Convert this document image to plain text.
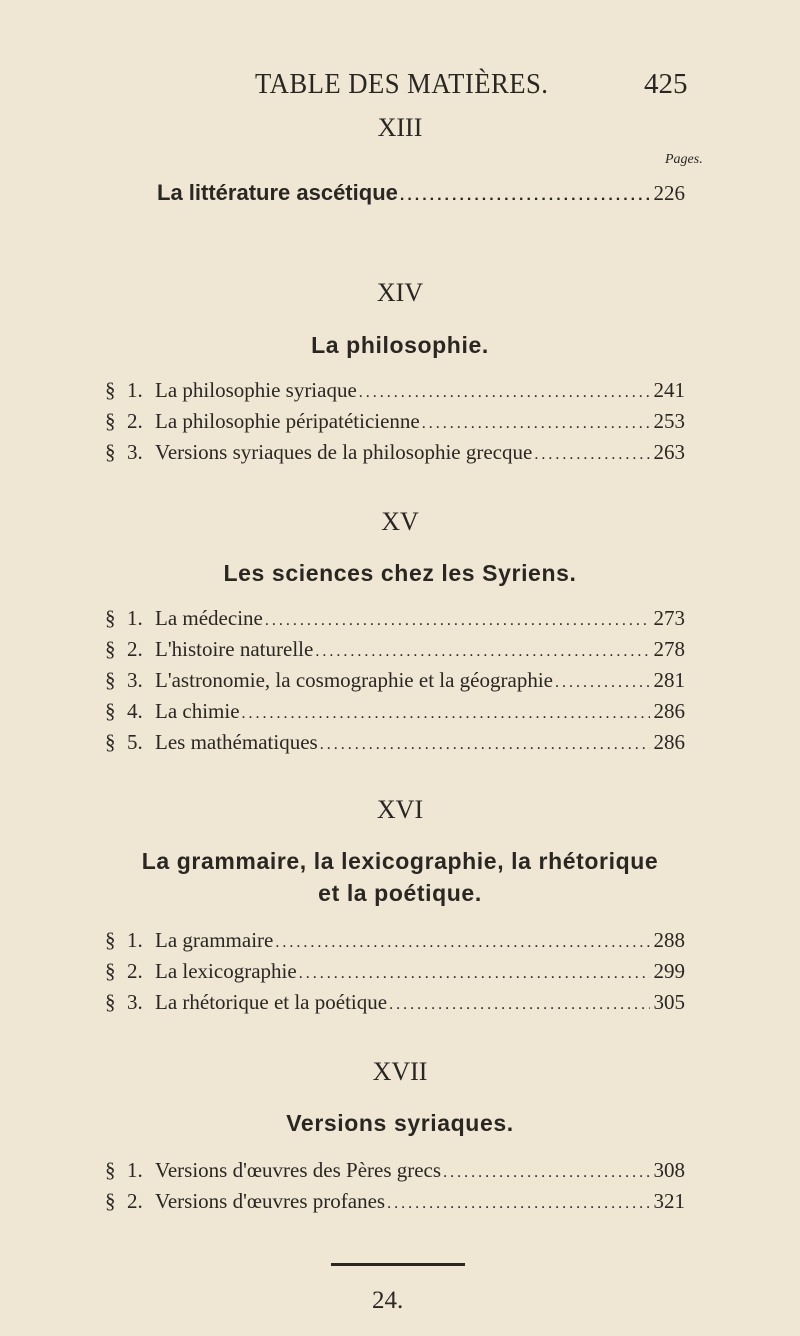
TABLE DES MATIÈRES.	425
XIII
Pages.
La littérature ascétique .....	226
XIV
La philosophie.
§ 1. La philosophie syriaque .....	241
§ 2. La philosophie péripatéticienne .....	253
§ 3. Versions syriaques de la philosophie grecque .....	263
XV
Les sciences chez les Syriens.
§ 1. La médecine .....	273
§ 2. L'histoire naturelle .....	278
§ 3. L'astronomie, la cosmographie et la géographie .....	281
§ 4. La chimie .....	286
§ 5. Les mathématiques .....	286
XVI
La grammaire, la lexicographie, la rhétorique
et la poétique.
§ 1. La grammaire .....	288
§ 2. La lexicographie .....	299
§ 3. La rhétorique et la poétique .....	305
XVII
Versions syriaques.
§ 1. Versions d'œuvres des Pères grecs .....	308
§ 2. Versions d'œuvres profanes .....	321
24.
